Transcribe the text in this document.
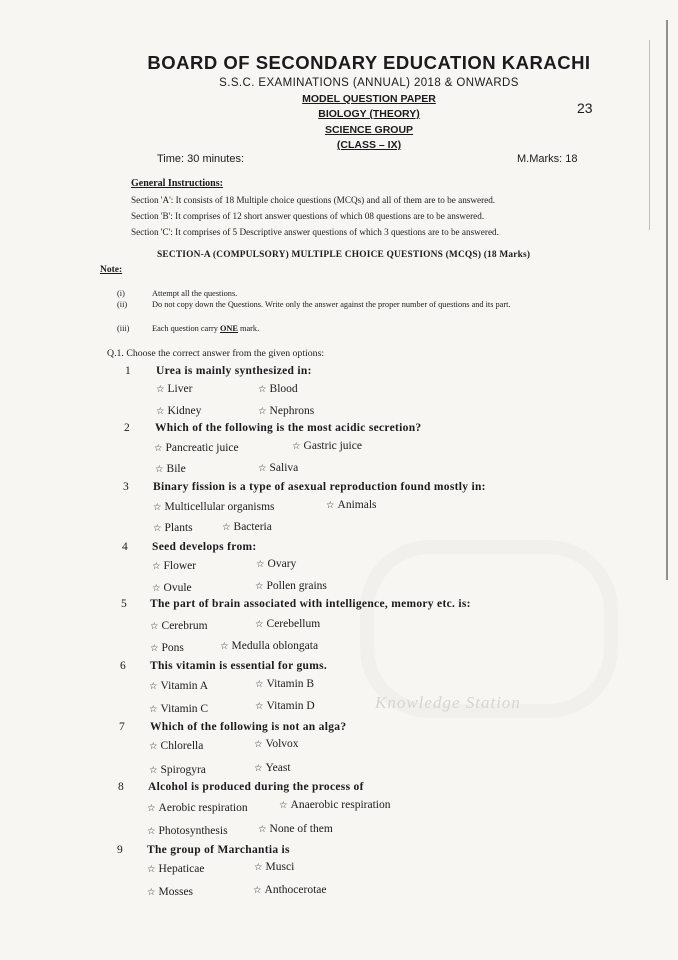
Knowledge Station
BOARD OF SECONDARY EDUCATION KARACHI
S.S.C. EXAMINATIONS (ANNUAL) 2018 & ONWARDS
MODEL QUESTION PAPER
BIOLOGY (THEORY)
SCIENCE GROUP
(CLASS – IX)
23
Time: 30 minutes:	M.Marks: 18
General Instructions:
Section 'A': It consists of 18 Multiple choice questions (MCQs) and all of them are to be answered.
Section 'B': It comprises of 12 short answer questions of which 08 questions are to be answered.
Section 'C': It comprises of 5 Descriptive answer questions of which 3 questions are to be answered.
SECTION-A (COMPULSORY) MULTIPLE CHOICE QUESTIONS (MCQS) (18 Marks)
Note:
(i)	Attempt all the questions.
(ii)	Do not copy down the Questions. Write only the answer against the proper number of questions and its part.
(iii)	Each question carry ONE mark.
Q.1. Choose the correct answer from the given options:
1 Urea is mainly synthesized in:
☆ Liver	☆ Blood
☆ Kidney	☆ Nephrons
2 Which of the following is the most acidic secretion?
☆ Pancreatic juice	☆ Gastric juice
☆ Bile	☆ Saliva
3 Binary fission is a type of asexual reproduction found mostly in:
☆ Multicellular organisms	☆ Animals
☆ Plants	☆ Bacteria
4 Seed develops from:
☆ Flower	☆ Ovary
☆ Ovule	☆ Pollen grains
5 The part of brain associated with intelligence, memory etc. is:
☆ Cerebrum	☆ Cerebellum
☆ Pons	☆ Medulla oblongata
6 This vitamin is essential for gums.
☆ Vitamin A	☆ Vitamin B
☆ Vitamin C	☆ Vitamin D
7 Which of the following is not an alga?
☆ Chlorella	☆ Volvox
☆ Spirogyra	☆ Yeast
8 Alcohol is produced during the process of
☆ Aerobic respiration	☆ Anaerobic respiration
☆ Photosynthesis	☆ None of them
9 The group of Marchantia is
☆ Hepaticae	☆ Musci
☆ Mosses	☆ Anthocerotae
